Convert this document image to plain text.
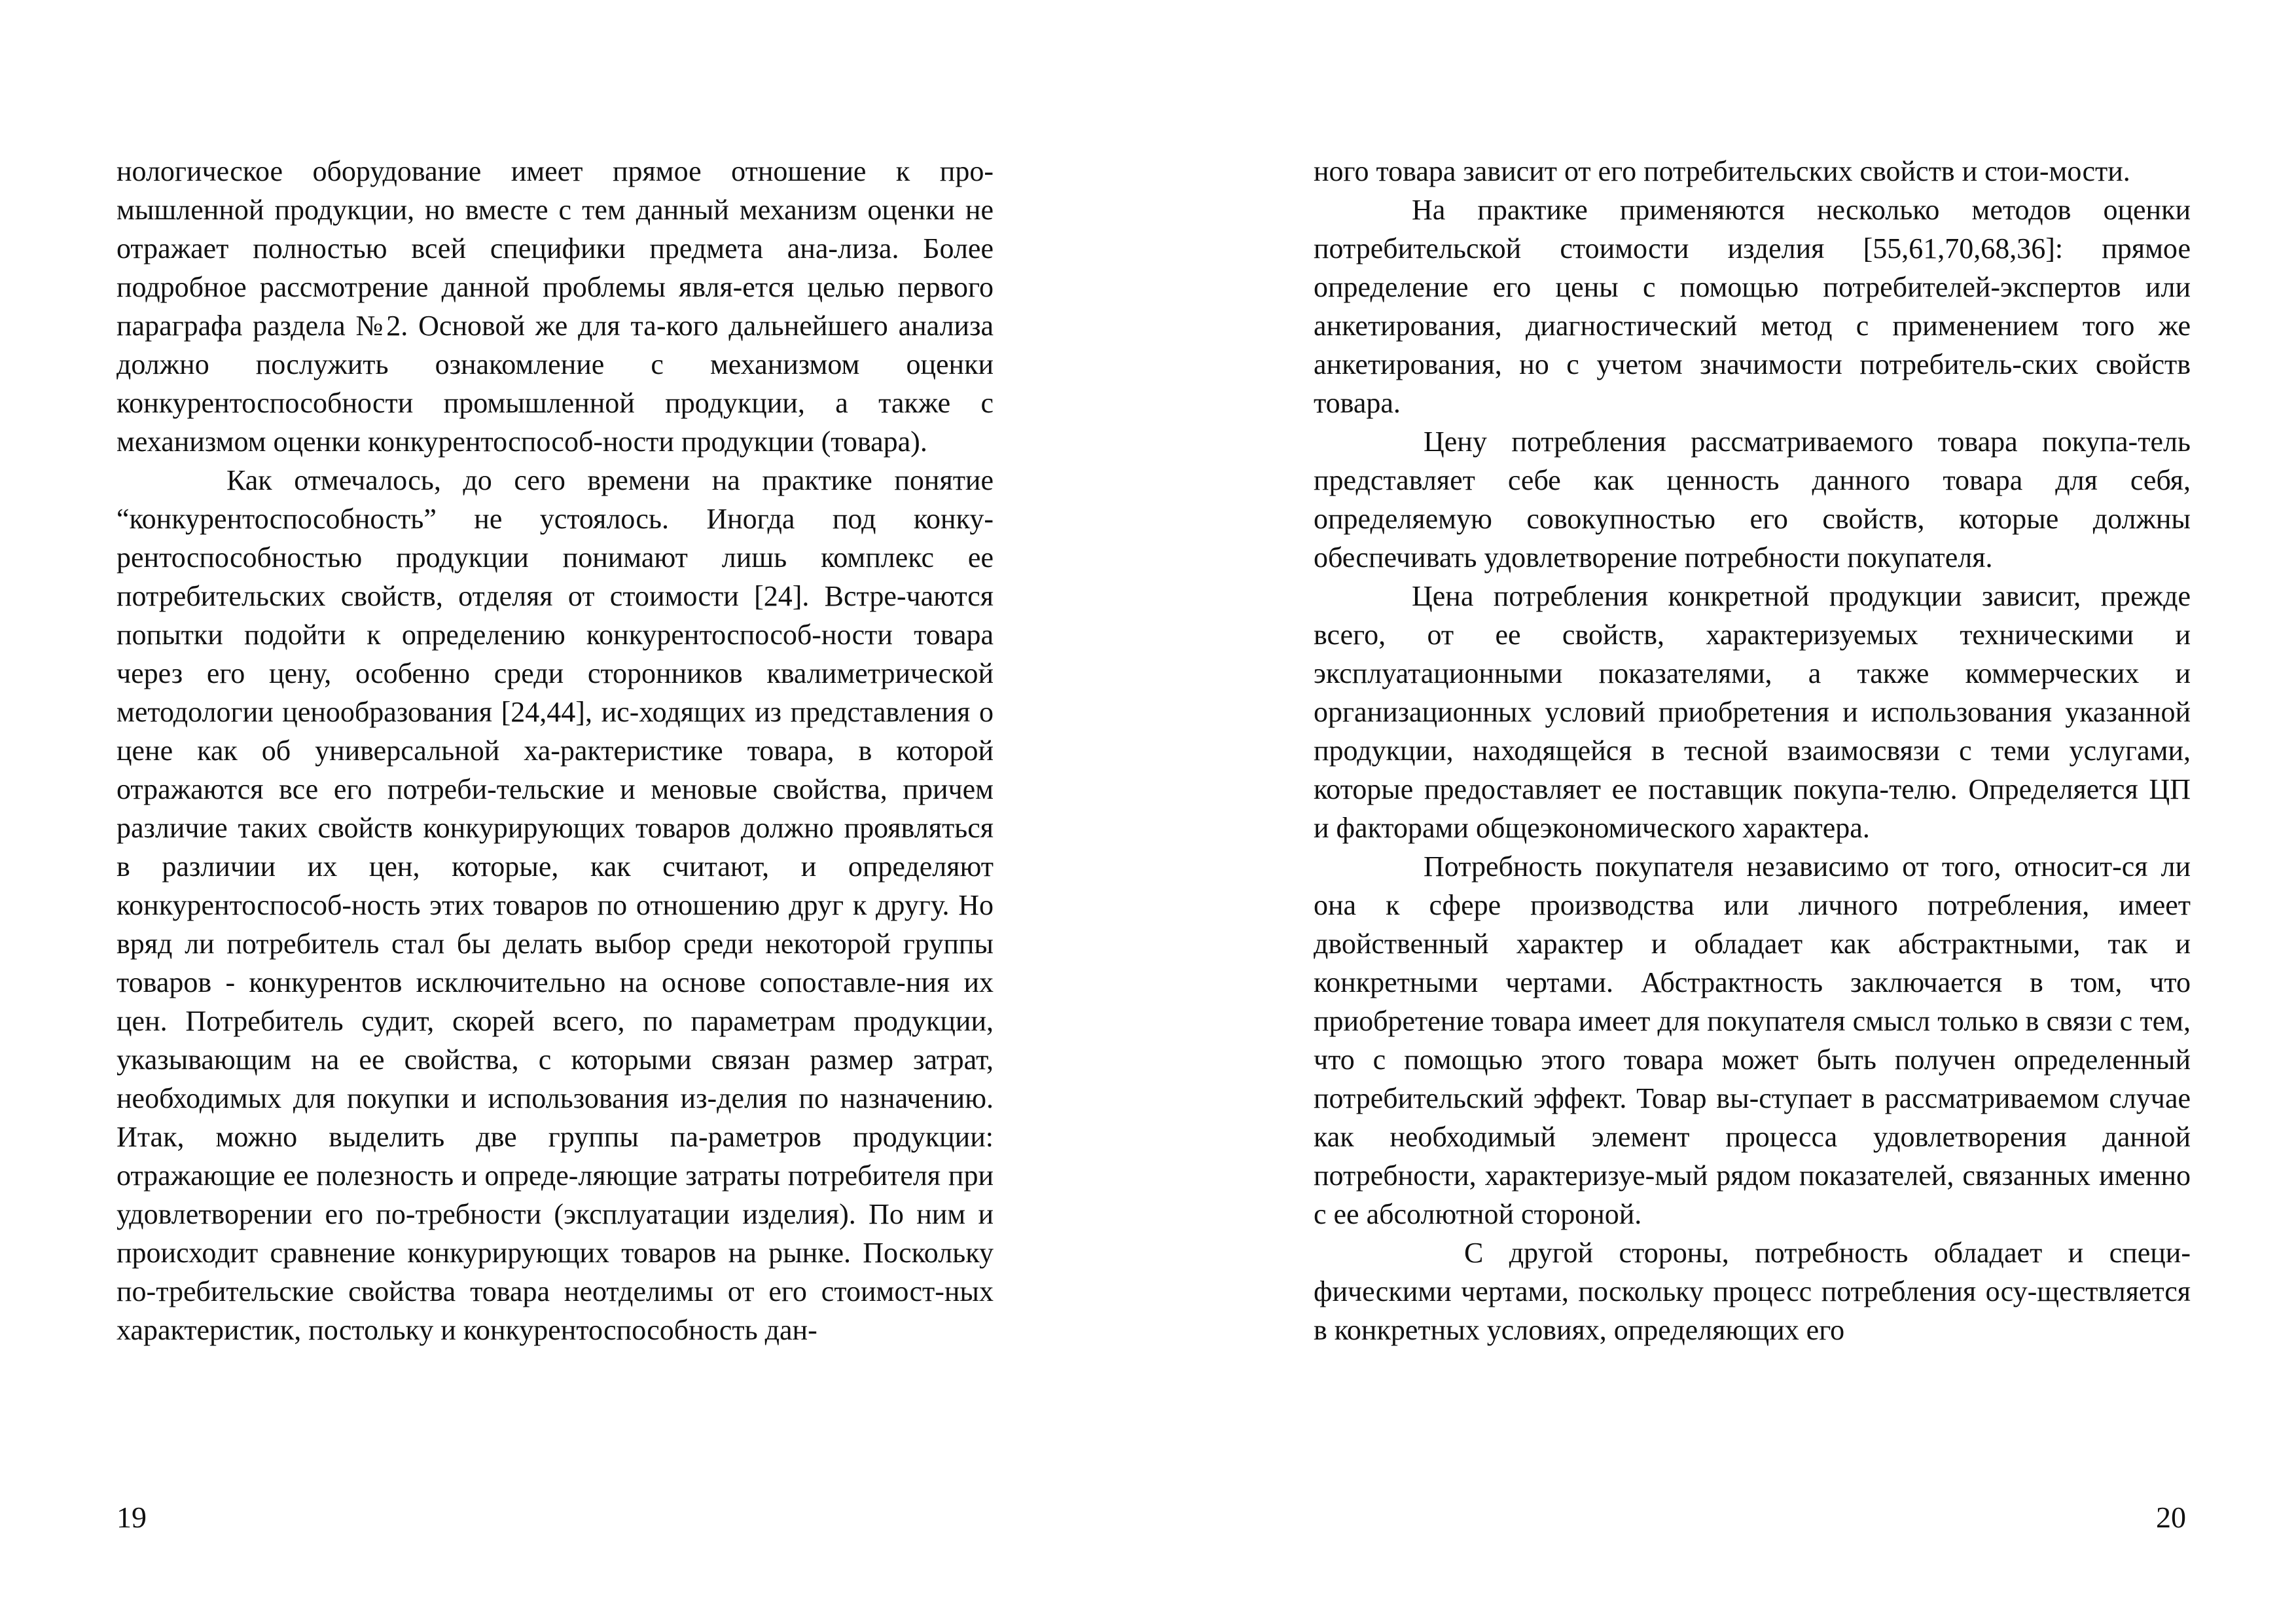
нологическое оборудование имеет прямое отношение к про-мышленной продукции, но вместе с тем данный механизм оценки не отражает полностью всей специфики предмета ана-лиза. Более подробное рассмотрение данной проблемы явля-ется целью первого параграфа раздела №2. Основой же для та-кого дальнейшего анализа должно послужить ознакомление с механизмом оценки конкурентоспособности промышленной продукции, а также с механизмом оценки конкурентоспособ-ности продукции (товара).

Как отмечалось, до сего времени на практике понятие “конкурентоспособность” не устоялось. Иногда под конку-рентоспособностью продукции понимают лишь комплекс ее потребительских свойств, отделяя от стоимости [24]. Встре-чаются попытки подойти к определению конкурентоспособ-ности товара через его цену, особенно среди сторонников квалиметрической методологии ценообразования [24,44], ис-ходящих из представления о цене как об универсальной ха-рактеристике товара, в которой отражаются все его потреби-тельские и меновые свойства, причем различие таких свойств конкурирующих товаров должно проявляться в различии их цен, которые, как считают, и определяют конкурентоспособ-ность этих товаров по отношению друг к другу. Но вряд ли потребитель стал бы делать выбор среди некоторой группы товаров - конкурентов исключительно на основе сопоставле-ния их цен. Потребитель судит, скорей всего, по параметрам продукции, указывающим на ее свойства, с которыми связан размер затрат, необходимых для покупки и использования из-делия по назначению. Итак, можно выделить две группы па-раметров продукции: отражающие ее полезность и опреде-ляющие затраты потребителя при удовлетворении его по-требности (эксплуатации изделия). По ним и происходит сравнение конкурирующих товаров на рынке. Поскольку по-требительские свойства товара неотделимы от его стоимост-ных характеристик, постольку и конкурентоспособность дан-

19

ного товара зависит от его потребительских свойств и стои-мости.

На практике применяются несколько методов оценки потребительской стоимости изделия [55,61,70,68,36]: прямое определение его цены с помощью потребителей-экспертов или анкетирования, диагностический метод с применением того же анкетирования, но с учетом значимости потребитель-ских свойств товара.

Цену потребления рассматриваемого товара покупа-тель представляет себе как ценность данного товара для себя, определяемую совокупностью его свойств, которые должны обеспечивать удовлетворение потребности покупателя.

Цена потребления конкретной продукции зависит, прежде всего, от ее свойств, характеризуемых техническими и эксплуатационными показателями, а также коммерческих и организационных условий приобретения и использования указанной продукции, находящейся в тесной взаимосвязи с теми услугами, которые предоставляет ее поставщик покупа-телю. Определяется ЦП и факторами общеэкономического характера.

Потребность покупателя независимо от того, относит-ся ли она к сфере производства или личного потребления, имеет двойственный характер и обладает как абстрактными, так и конкретными чертами. Абстрактность заключается в том, что приобретение товара имеет для покупателя смысл только в связи с тем, что с помощью этого товара может быть получен определенный потребительский эффект. Товар вы-ступает в рассматриваемом случае как необходимый элемент процесса удовлетворения данной потребности, характеризуе-мый рядом показателей, связанных именно с ее абсолютной стороной.

С другой стороны, потребность обладает и специ-фическими чертами, поскольку процесс потребления осу-ществляется в конкретных условиях, определяющих его

20
